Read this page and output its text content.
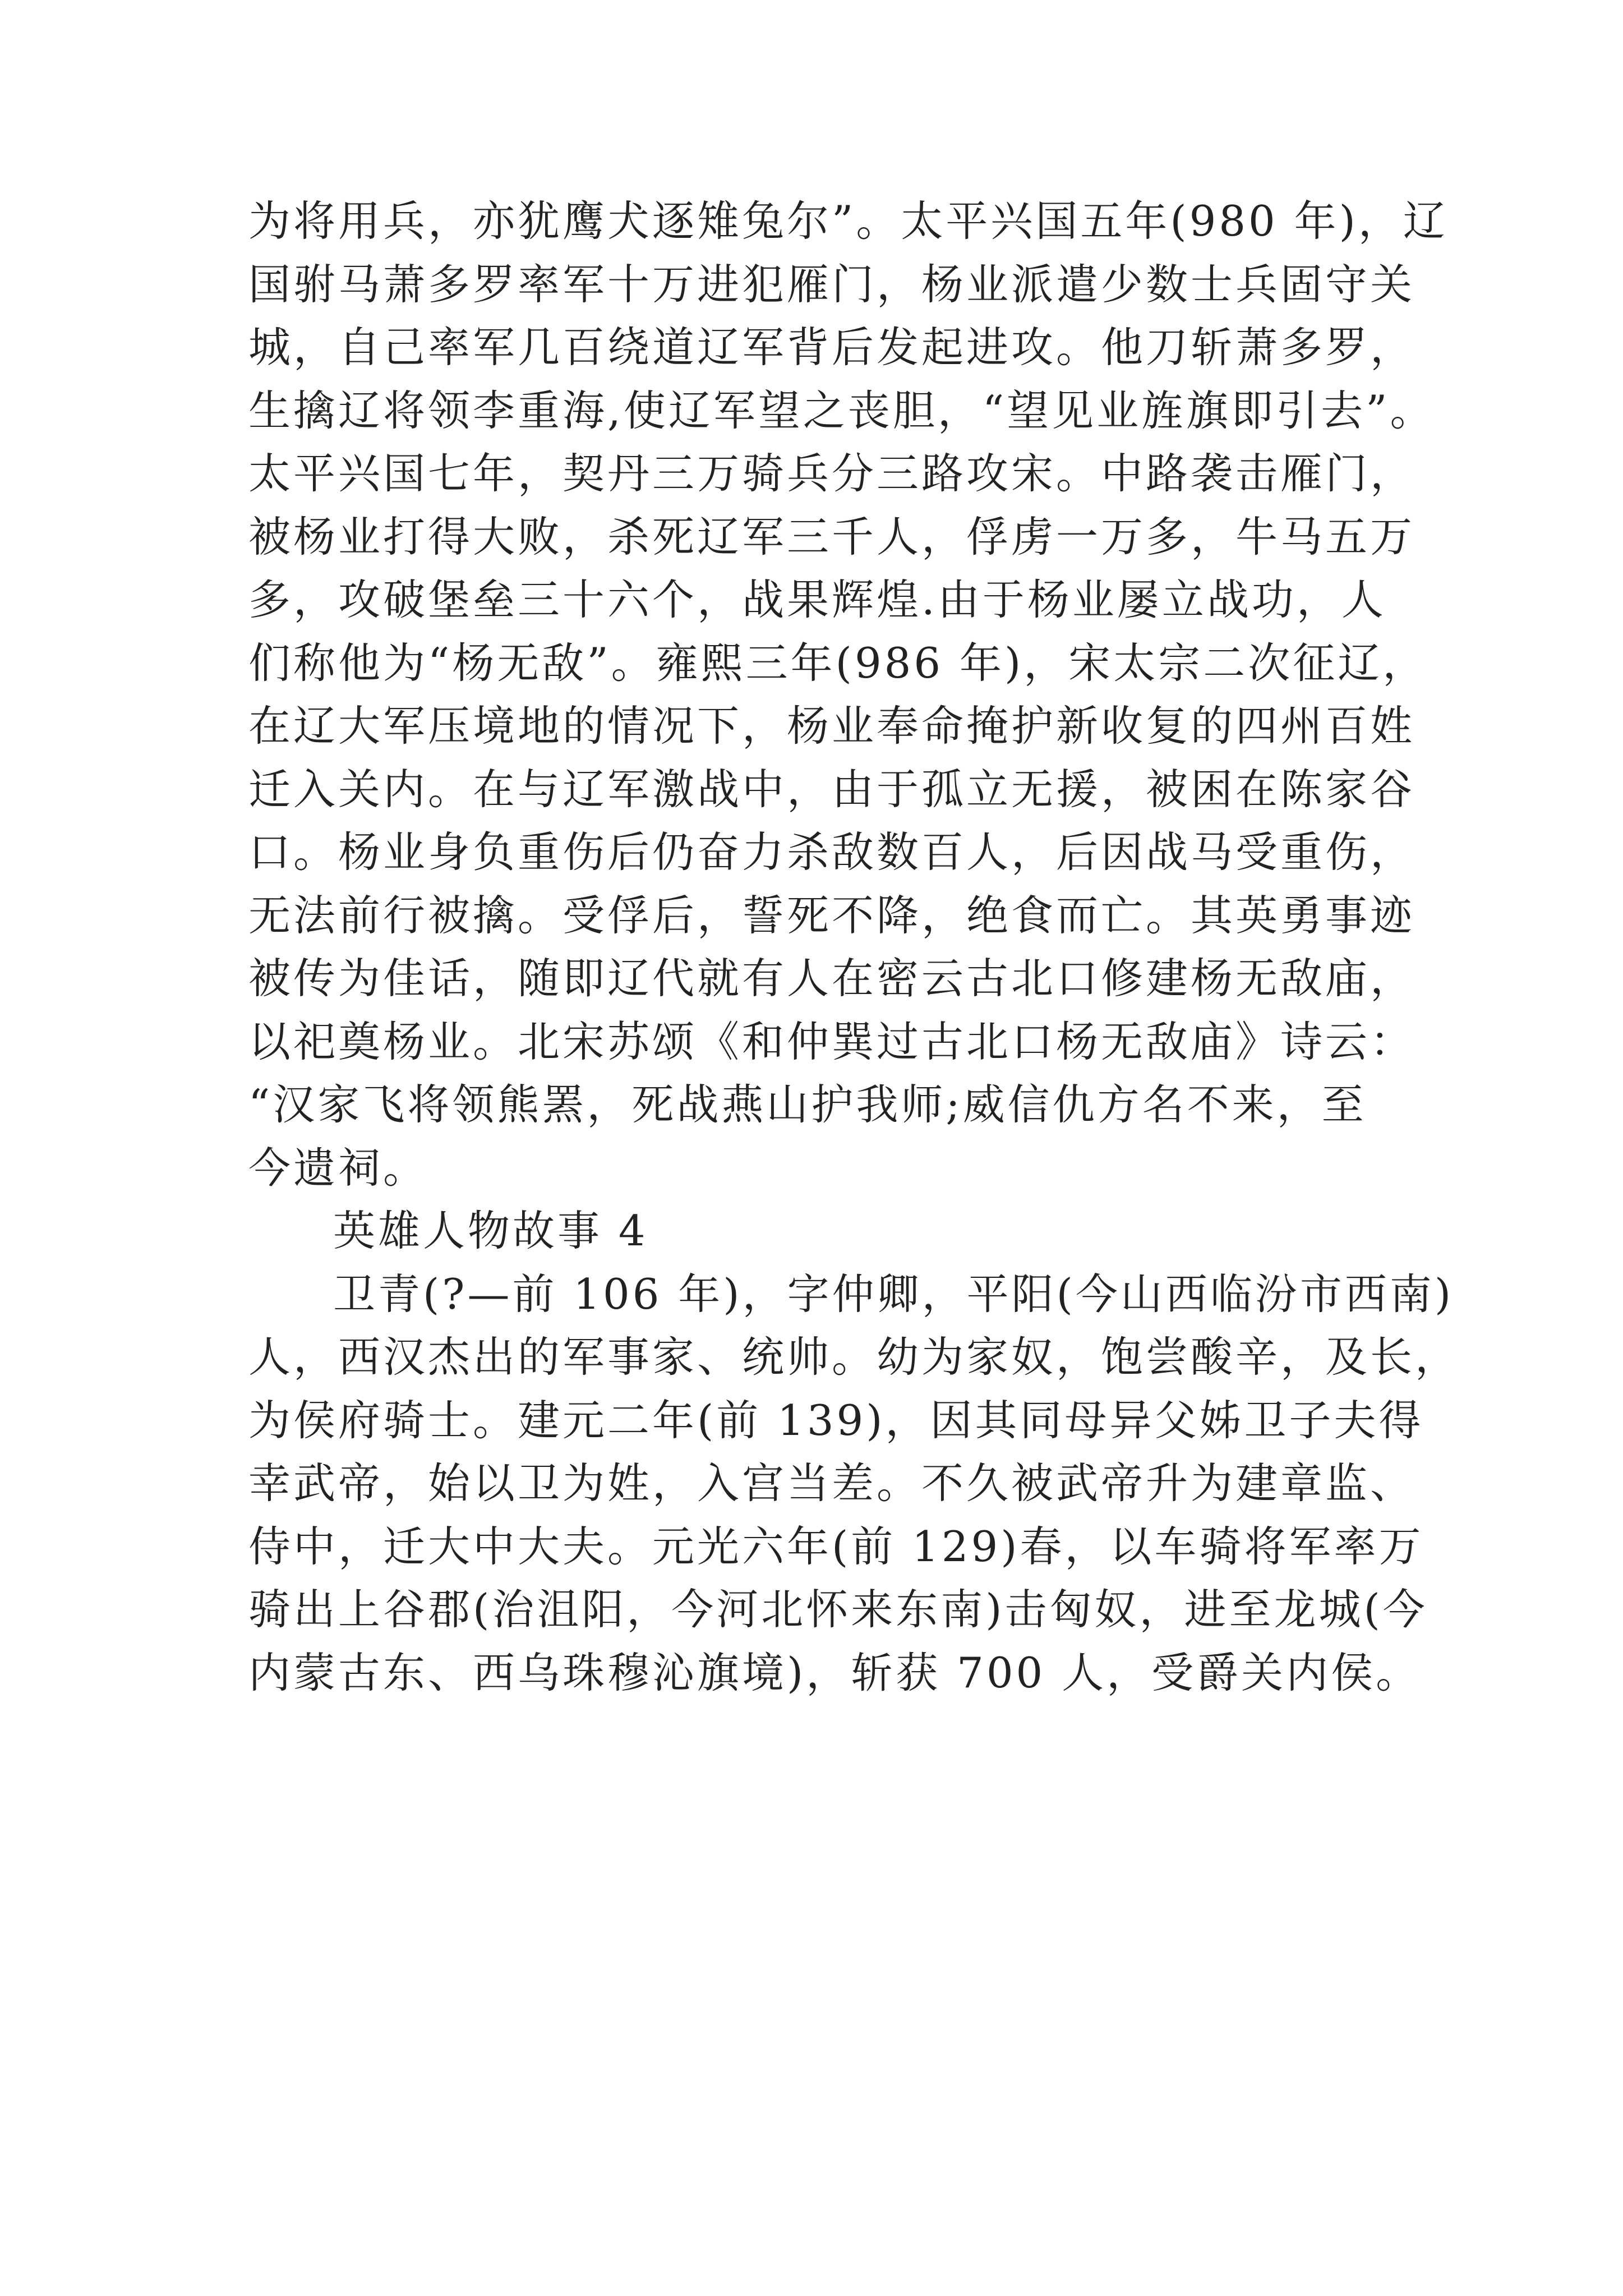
为将用兵，亦犹鹰犬逐雉兔尔”。太平兴国五年(980 年)，辽
国驸马萧多罗率军十万进犯雁门，杨业派遣少数士兵固守关
城，自己率军几百绕道辽军背后发起进攻。他刀斩萧多罗，
生擒辽将领李重海,使辽军望之丧胆，“望见业旌旗即引去”。
太平兴国七年，契丹三万骑兵分三路攻宋。中路袭击雁门，
被杨业打得大败，杀死辽军三千人，俘虏一万多，牛马五万
多，攻破堡垒三十六个，战果辉煌.由于杨业屡立战功，人
们称他为“杨无敌”。雍熙三年(986 年)，宋太宗二次征辽，
在辽大军压境地的情况下，杨业奉命掩护新收复的四州百姓
迁入关内。在与辽军激战中，由于孤立无援，被困在陈家谷
口。杨业身负重伤后仍奋力杀敌数百人，后因战马受重伤，
无法前行被擒。受俘后，誓死不降，绝食而亡。其英勇事迹
被传为佳话，随即辽代就有人在密云古北口修建杨无敌庙，
以祀奠杨业。北宋苏颂《和仲巽过古北口杨无敌庙》诗云：
“汉家飞将领熊罴，死战燕山护我师;威信仇方名不来，至
今遗祠。
英雄人物故事 4
卫青(?—前 106 年)，字仲卿，平阳(今山西临汾市西南)
人，西汉杰出的军事家、统帅。幼为家奴，饱尝酸辛，及长，
为侯府骑士。建元二年(前 139)，因其同母异父姊卫子夫得
幸武帝，始以卫为姓，入宫当差。不久被武帝升为建章监、
侍中，迁大中大夫。元光六年(前 129)春，以车骑将军率万
骑出上谷郡(治沮阳，今河北怀来东南)击匈奴，进至龙城(今
内蒙古东、西乌珠穆沁旗境)，斩获 700 人，受爵关内侯。
